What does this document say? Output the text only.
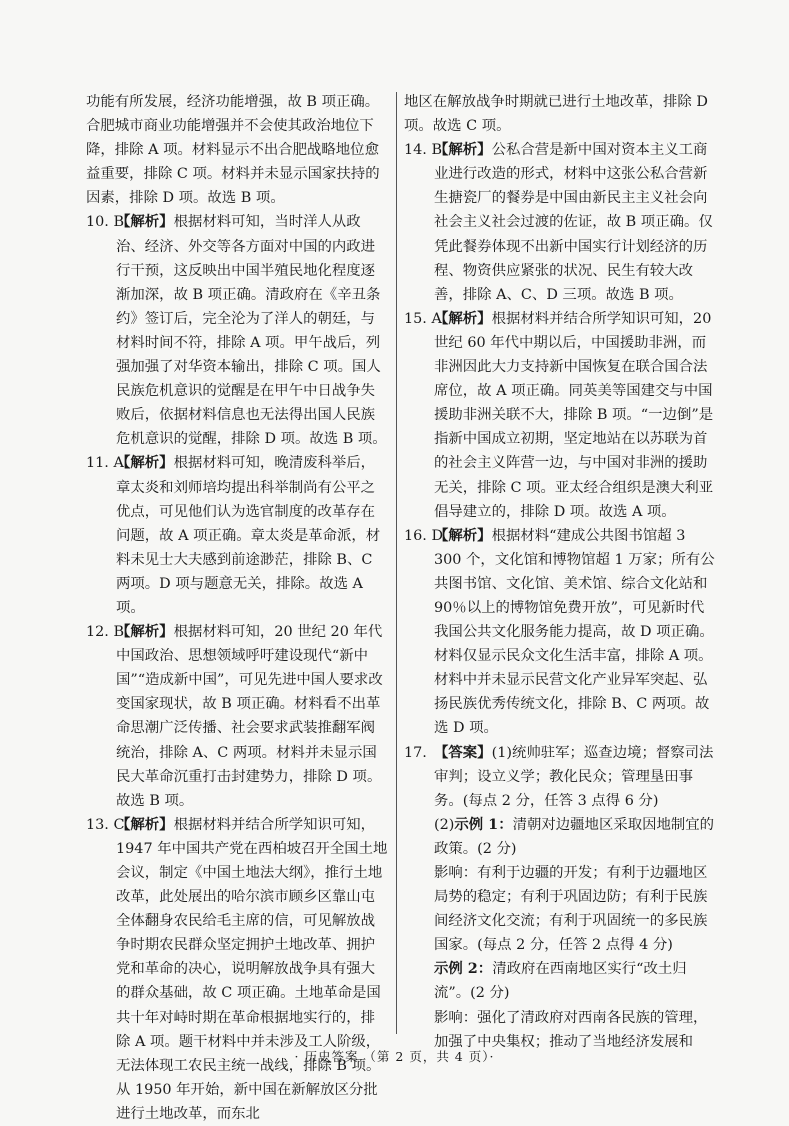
功能有所发展，经济功能增强，故 B 项正确。合肥城市商业功能增强并不会使其政治地位下降，排除 A 项。材料显示不出合肥战略地位愈益重要，排除 C 项。材料并未显示国家扶持的因素，排除 D 项。故选 B 项。

10. B
【解析】根据材料可知，当时洋人从政治、经济、外交等各方面对中国的内政进行干预，这反映出中国半殖民地化程度逐渐加深，故 B 项正确。清政府在《辛丑条约》签订后，完全沦为了洋人的朝廷，与材料时间不符，排除 A 项。甲午战后，列强加强了对华资本输出，排除 C 项。国人民族危机意识的觉醒是在甲午中日战争失败后，依据材料信息也无法得出国人民族危机意识的觉醒，排除 D 项。故选 B 项。

11. A
【解析】根据材料可知，晚清废科举后，章太炎和刘师培均提出科举制尚有公平之优点，可见他们认为选官制度的改革存在问题，故 A 项正确。章太炎是革命派，材料未见士大夫感到前途渺茫，排除 B、C 两项。D 项与题意无关，排除。故选 A 项。

12. B
【解析】根据材料可知，20 世纪 20 年代中国政治、思想领域呼吁建设现代“新中国”“造成新中国”，可见先进中国人要求改变国家现状，故 B 项正确。材料看不出革命思潮广泛传播、社会要求武装推翻军阀统治，排除 A、C 两项。材料并未显示国民大革命沉重打击封建势力，排除 D 项。故选 B 项。

13. C
【解析】根据材料并结合所学知识可知，1947 年中国共产党在西柏坡召开全国土地会议，制定《中国土地法大纲》，推行土地改革，此处展出的哈尔滨市顾乡区靠山屯全体翻身农民给毛主席的信，可见解放战争时期农民群众坚定拥护土地改革、拥护党和革命的决心，说明解放战争具有强大的群众基础，故 C 项正确。土地革命是国共十年对峙时期在革命根据地实行的，排除 A 项。题干材料中并未涉及工人阶级，无法体现工农民主统一战线，排除 B 项。从 1950 年开始，新中国在新解放区分批进行土地改革，而东北

地区在解放战争时期就已进行土地改革，排除 D 项。故选 C 项。

14. B
【解析】公私合营是新中国对资本主义工商业进行改造的形式，材料中这张公私合营新生搪瓷厂的餐券是中国由新民主主义社会向社会主义社会过渡的佐证，故 B 项正确。仅凭此餐券体现不出新中国实行计划经济的历程、物资供应紧张的状况、民生有较大改善，排除 A、C、D 三项。故选 B 项。

15. A
【解析】根据材料并结合所学知识可知，20 世纪 60 年代中期以后，中国援助非洲，而非洲因此大力支持新中国恢复在联合国合法席位，故 A 项正确。同英美等国建交与中国援助非洲关联不大，排除 B 项。“一边倒”是指新中国成立初期，坚定地站在以苏联为首的社会主义阵营一边，与中国对非洲的援助无关，排除 C 项。亚太经合组织是澳大利亚倡导建立的，排除 D 项。故选 A 项。

16. D
【解析】根据材料“建成公共图书馆超 3 300 个，文化馆和博物馆超 1 万家；所有公共图书馆、文化馆、美术馆、综合文化站和 90％以上的博物馆免费开放”，可见新时代我国公共文化服务能力提高，故 D 项正确。材料仅显示民众文化生活丰富，排除 A 项。材料中并未显示民营文化产业异军突起、弘扬民族优秀传统文化，排除 B、C 两项。故选 D 项。

17. 【答案】(1)统帅驻军；巡查边境；督察司法审判；设立义学；教化民众；管理垦田事务。(每点 2 分，任答 3 点得 6 分)

(2)示例 1：清朝对边疆地区采取因地制宜的政策。(2 分)

影响：有利于边疆的开发；有利于边疆地区局势的稳定；有利于巩固边防；有利于民族间经济文化交流；有利于巩固统一的多民族国家。(每点 2 分，任答 2 点得 4 分)

示例 2：清政府在西南地区实行“改土归流”。(2 分)

影响：强化了清政府对西南各民族的管理，加强了中央集权；推动了当地经济发展和

· 历史答案 （第 2 页，共 4 页）·
